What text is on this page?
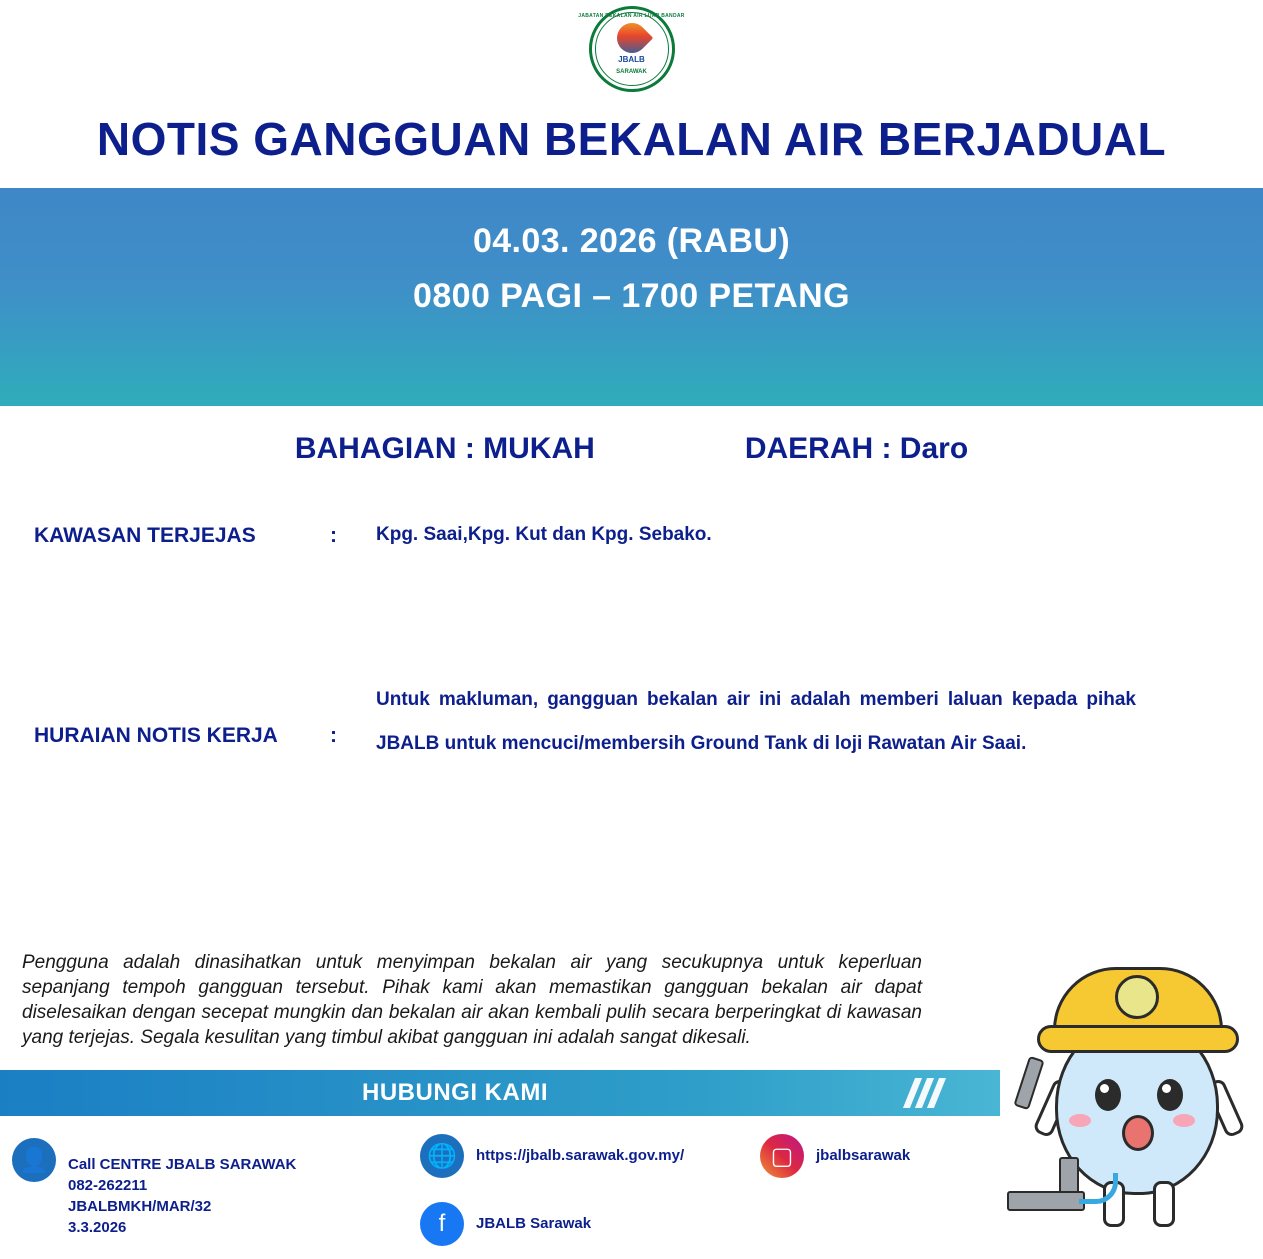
JABATAN BEKALAN AIR LUAR BANDAR
JBALB
SARAWAK
NOTIS GANGGUAN BEKALAN AIR BERJADUAL
04.03. 2026 (RABU)
0800 PAGI – 1700 PETANG
BAHAGIAN : MUKAH	DAERAH : Daro
KAWASAN TERJEJAS	:	Kpg. Saai,Kpg. Kut dan Kpg. Sebako.
HURAIAN NOTIS KERJA	:
Untuk makluman, gangguan bekalan air ini adalah memberi laluan kepada pihak JBALB untuk mencuci/membersih Ground Tank di loji Rawatan Air Saai.
Pengguna adalah dinasihatkan untuk menyimpan bekalan air yang secukupnya untuk keperluan sepanjang tempoh gangguan tersebut. Pihak kami akan memastikan gangguan bekalan air dapat diselesaikan dengan secepat mungkin dan bekalan air akan kembali pulih secara berperingkat di kawasan yang terjejas. Segala kesulitan yang timbul akibat gangguan ini adalah sangat dikesali.
HUBUNGI KAMI
👤	Call CENTRE JBALB SARAWAK
082-262211
JBALBMKH/MAR/32
3.3.2026
🌐	https://jbalb.sarawak.gov.my/	▢	jbalbsarawak
f	JBALB Sarawak
